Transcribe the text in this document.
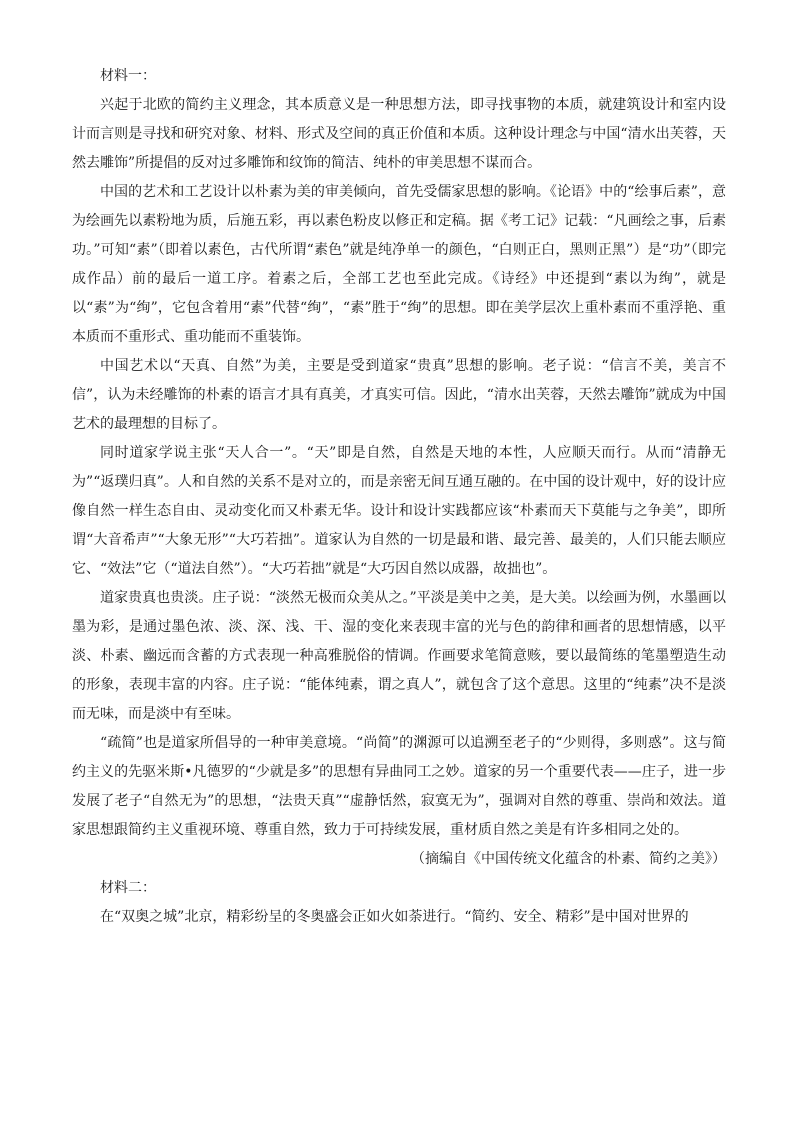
材料一：

兴起于北欧的简约主义理念，其本质意义是一种思想方法，即寻找事物的本质，就建筑设计和室内设计而言则是寻找和研究对象、材料、形式及空间的真正价值和本质。这种设计理念与中国“清水出芙蓉，天然去雕饰”所提倡的反对过多雕饰和纹饰的简洁、纯朴的审美思想不谋而合。

中国的艺术和工艺设计以朴素为美的审美倾向，首先受儒家思想的影响。《论语》中的“绘事后素”，意为绘画先以素粉地为质，后施五彩，再以素色粉皮以修正和定稿。据《考工记》记载：“凡画绘之事，后素功。”可知“素”（即着以素色，古代所谓“素色”就是纯净单一的颜色，“白则正白，黑则正黑”）是“功”（即完成作品）前的最后一道工序。着素之后，全部工艺也至此完成。《诗经》中还提到“素以为绚”，就是以“素”为“绚”，它包含着用“素”代替“绚”，“素”胜于“绚”的思想。即在美学层次上重朴素而不重浮艳、重本质而不重形式、重功能而不重装饰。

中国艺术以“天真、自然”为美，主要是受到道家“贵真”思想的影响。老子说：“信言不美，美言不信”，认为未经雕饰的朴素的语言才具有真美，才真实可信。因此，“清水出芙蓉，天然去雕饰”就成为中国艺术的最理想的目标了。

同时道家学说主张“天人合一”。“天”即是自然，自然是天地的本性，人应顺天而行。从而“清静无为”“返璞归真”。人和自然的关系不是对立的，而是亲密无间互通互融的。在中国的设计观中，好的设计应像自然一样生态自由、灵动变化而又朴素无华。设计和设计实践都应该“朴素而天下莫能与之争美”，即所谓“大音希声”“大象无形”“大巧若拙”。道家认为自然的一切是最和谐、最完善、最美的，人们只能去顺应它、“效法”它（“道法自然”）。“大巧若拙”就是“大巧因自然以成器，故拙也”。

道家贵真也贵淡。庄子说：“淡然无极而众美从之。”平淡是美中之美，是大美。以绘画为例，水墨画以墨为彩，是通过墨色浓、淡、深、浅、干、湿的变化来表现丰富的光与色的韵律和画者的思想情感，以平淡、朴素、幽远而含蓄的方式表现一种高雅脱俗的情调。作画要求笔简意赅，要以最简练的笔墨塑造生动的形象，表现丰富的内容。庄子说：“能体纯素，谓之真人”，就包含了这个意思。这里的“纯素”决不是淡而无味，而是淡中有至味。

“疏简”也是道家所倡导的一种审美意境。“尚简”的渊源可以追溯至老子的“少则得，多则惑”。这与简约主义的先驱米斯•凡德罗的“少就是多”的思想有异曲同工之妙。道家的另一个重要代表——庄子，进一步发展了老子“自然无为”的思想，“法贵天真”“虚静恬然，寂寞无为”，强调对自然的尊重、崇尚和效法。道家思想跟简约主义重视环境、尊重自然，致力于可持续发展，重材质自然之美是有许多相同之处的。

（摘编自《中国传统文化蕴含的朴素、简约之美》）

材料二：

在“双奥之城”北京，精彩纷呈的冬奥盛会正如火如荼进行。“简约、安全、精彩”是中国对世界的
